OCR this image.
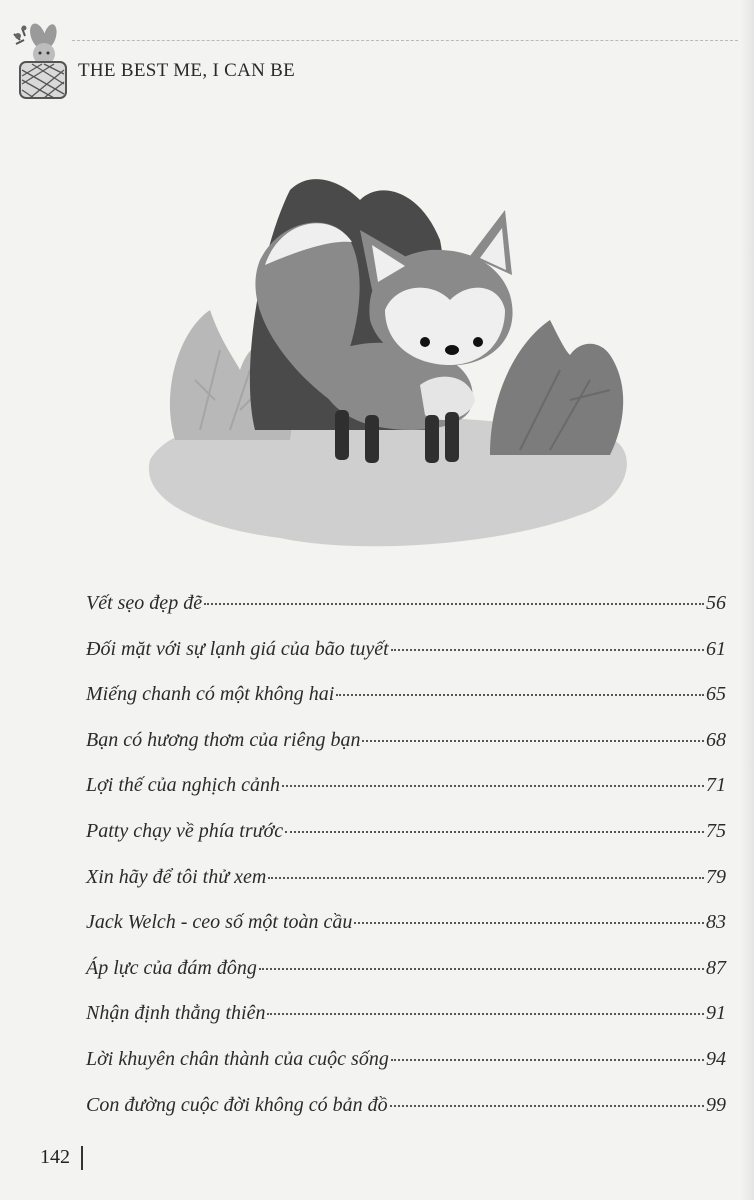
THE BEST ME, I CAN BE
Vết sẹo đẹp đẽ	56
Đối mặt với sự lạnh giá của bão tuyết	61
Miếng chanh có một không hai	65
Bạn có hương thơm của riêng bạn	68
Lợi thế của nghịch cảnh	71
Patty chạy về phía trước	75
Xin hãy để tôi thử xem	79
Jack Welch - ceo số một toàn cầu	83
Áp lực của đám đông	87
Nhận định thẳng thiên	91
Lời khuyên chân thành của cuộc sống	94
Con đường cuộc đời không có bản đồ	99
142
